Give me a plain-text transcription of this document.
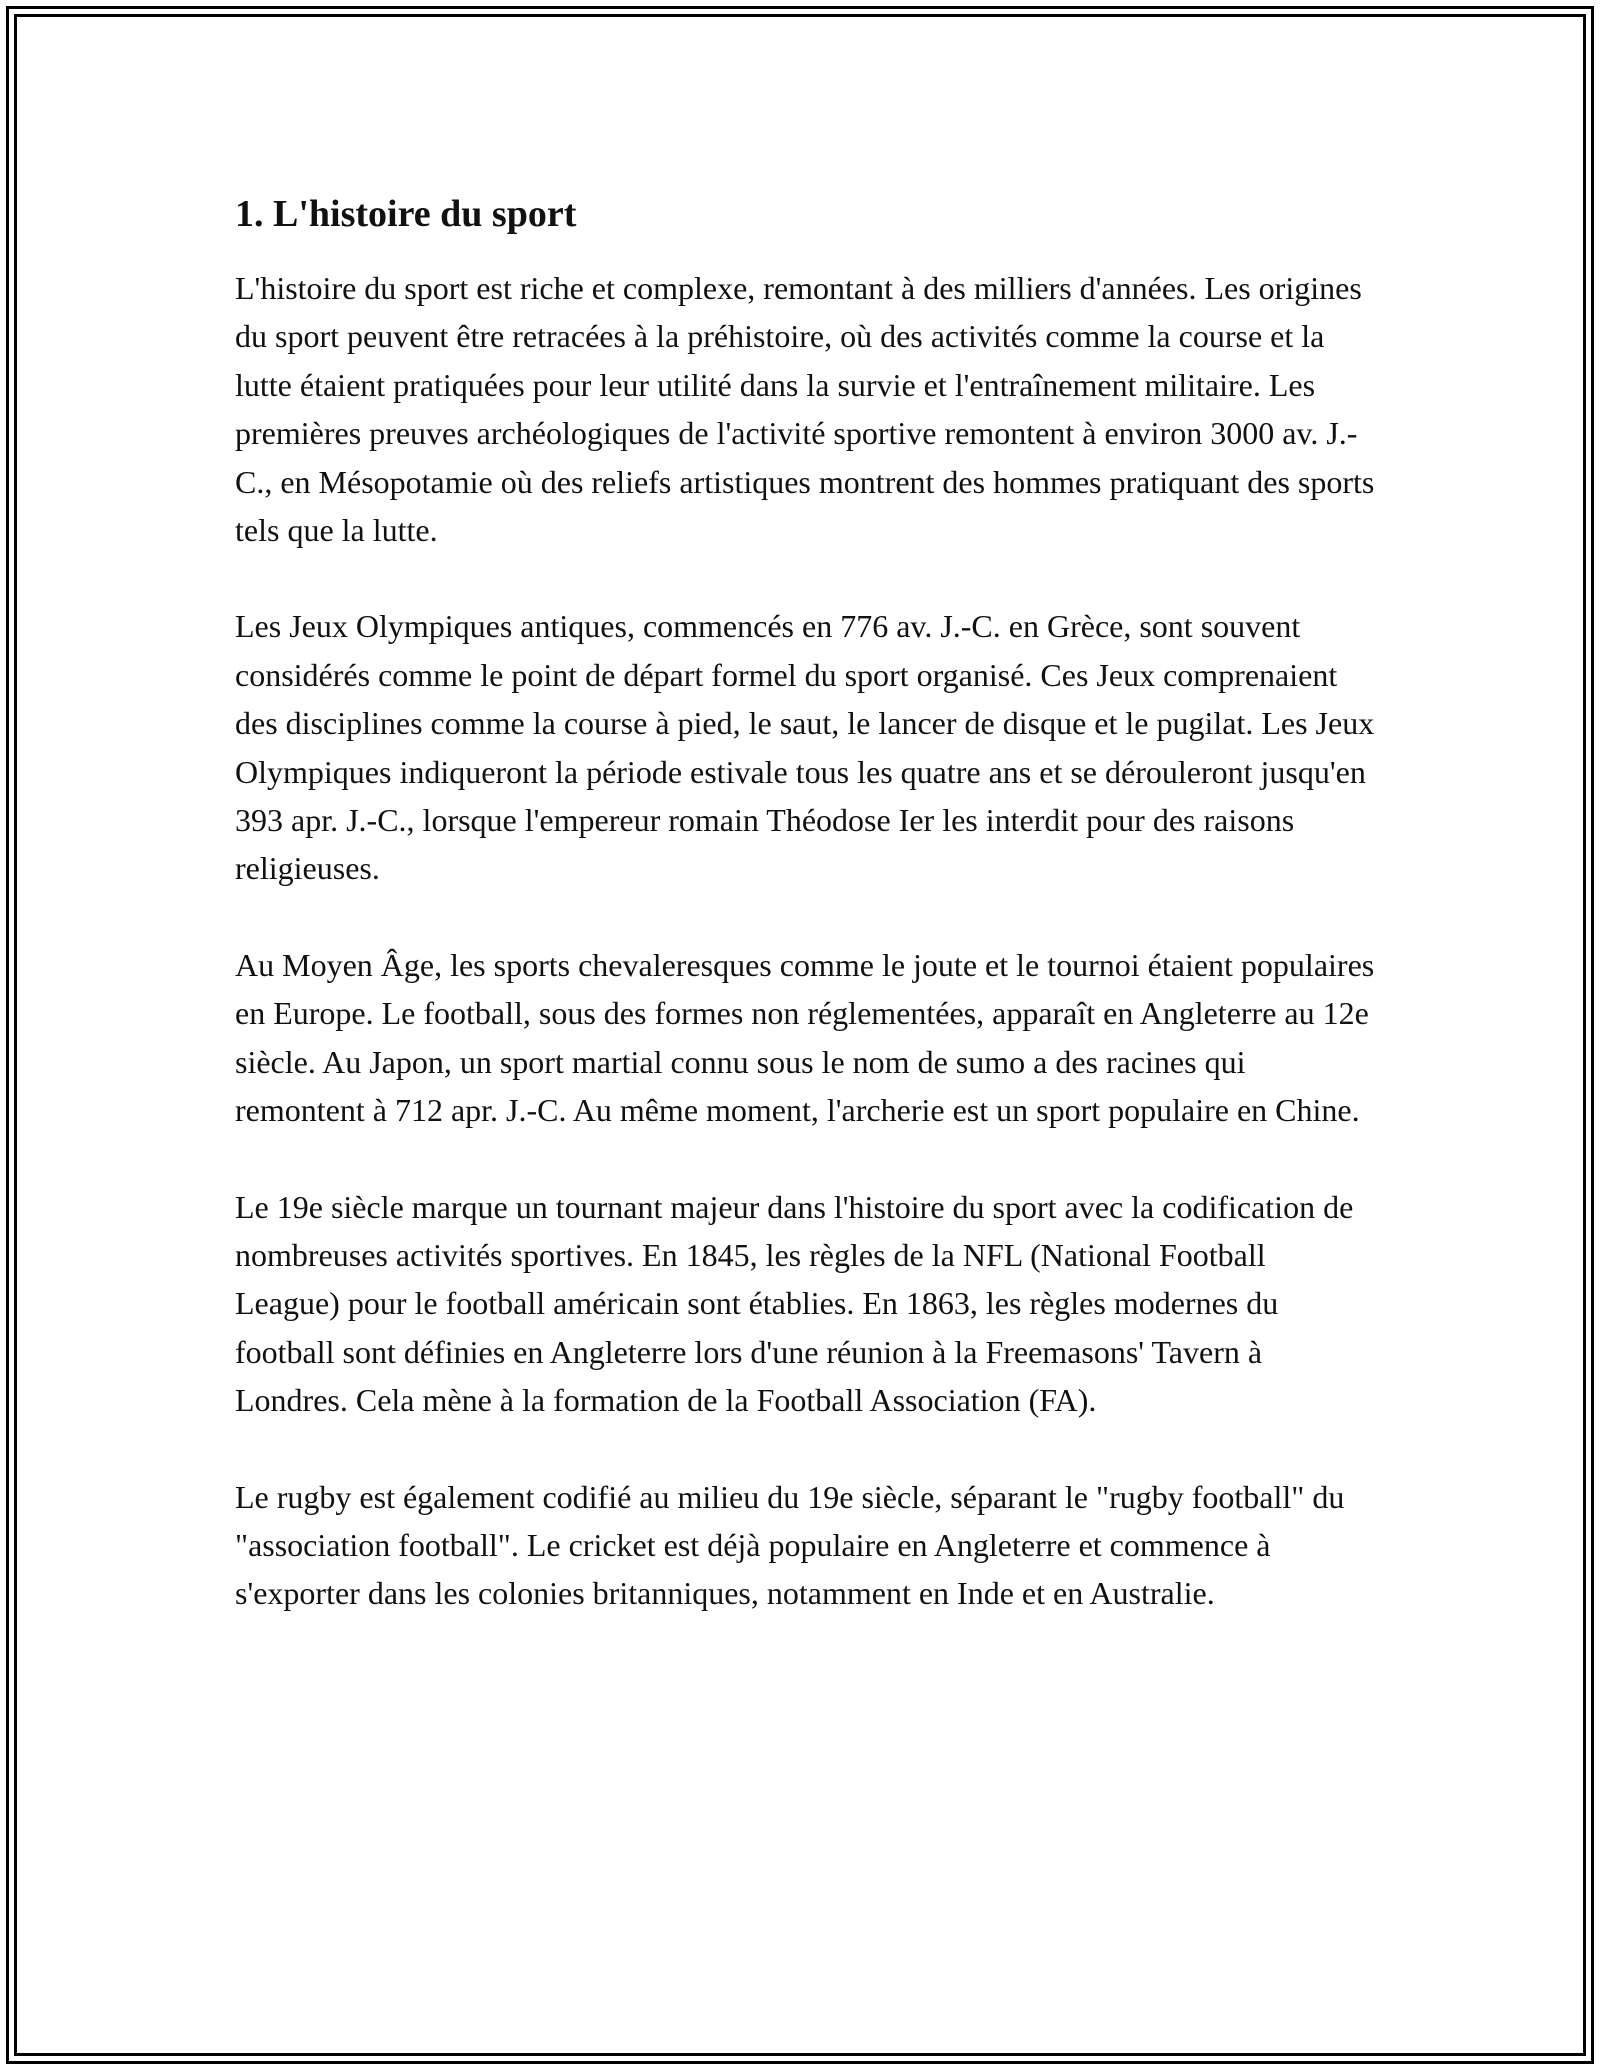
1. L'histoire du sport

L'histoire du sport est riche et complexe, remontant à des milliers d'années. Les origines du sport peuvent être retracées à la préhistoire, où des activités comme la course et la lutte étaient pratiquées pour leur utilité dans la survie et l'entraînement militaire. Les premières preuves archéologiques de l'activité sportive remontent à environ 3000 av. J.-C., en Mésopotamie où des reliefs artistiques montrent des hommes pratiquant des sports tels que la lutte.

Les Jeux Olympiques antiques, commencés en 776 av. J.-C. en Grèce, sont souvent considérés comme le point de départ formel du sport organisé. Ces Jeux comprenaient des disciplines comme la course à pied, le saut, le lancer de disque et le pugilat. Les Jeux Olympiques indiqueront la période estivale tous les quatre ans et se dérouleront jusqu'en 393 apr. J.-C., lorsque l'empereur romain Théodose Ier les interdit pour des raisons religieuses.

Au Moyen Âge, les sports chevaleresques comme le joute et le tournoi étaient populaires en Europe. Le football, sous des formes non réglementées, apparaît en Angleterre au 12e siècle. Au Japon, un sport martial connu sous le nom de sumo a des racines qui remontent à 712 apr. J.-C. Au même moment, l'archerie est un sport populaire en Chine.

Le 19e siècle marque un tournant majeur dans l'histoire du sport avec la codification de nombreuses activités sportives. En 1845, les règles de la NFL (National Football League) pour le football américain sont établies. En 1863, les règles modernes du football sont définies en Angleterre lors d'une réunion à la Freemasons' Tavern à Londres. Cela mène à la formation de la Football Association (FA).

Le rugby est également codifié au milieu du 19e siècle, séparant le "rugby football" du "association football". Le cricket est déjà populaire en Angleterre et commence à s'exporter dans les colonies britanniques, notamment en Inde et en Australie.
